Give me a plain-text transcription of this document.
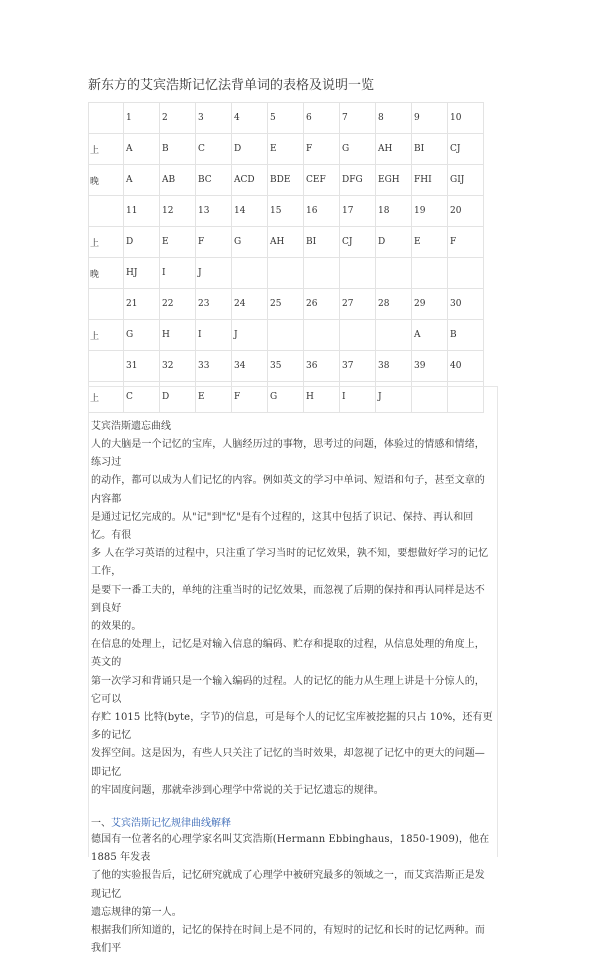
新东方的艾宾浩斯记忆法背单词的表格及说明一览
	1	2	3	4	5	6	7	8	9	10
上	A	B	C	D	E	F	G	AH	BI	CJ
晚	A	AB	BC	ACD	BDE	CEF	DFG	EGH	FHI	GIJ
	11	12	13	14	15	16	17	18	19	20
上	D	E	F	G	AH	BI	CJ	D	E	F
晚	HJ	I	J							
	21	22	23	24	25	26	27	28	29	30
上	G	H	I	J					A	B
	31	32	33	34	35	36	37	38	39	40
上	C	D	E	F	G	H	I	J		
艾宾浩斯遗忘曲线
人的大脑是一个记忆的宝库，人脑经历过的事物，思考过的问题，体验过的情感和情绪，练习过
的动作，都可以成为人们记忆的内容。例如英文的学习中单词、短语和句子，甚至文章的内容都
是通过记忆完成的。从"记"到"忆"是有个过程的，这其中包括了识记、保持、再认和回忆。有很
多 人在学习英语的过程中，只注重了学习当时的记忆效果，孰不知，要想做好学习的记忆工作，
是要下一番工夫的，单纯的注重当时的记忆效果，而忽视了后期的保持和再认同样是达不到良好
的效果的。
在信息的处理上，记忆是对输入信息的编码、贮存和提取的过程，从信息处理的角度上，英文的
第一次学习和背诵只是一个输入编码的过程。人的记忆的能力从生理上讲是十分惊人的，它可以
存贮 1015 比特(byte，字节)的信息，可是每个人的记忆宝库被挖掘的只占 10%，还有更多的记忆
发挥空间。这是因为，有些人只关注了记忆的当时效果，却忽视了记忆中的更大的问题—即记忆
的牢固度问题，那就牵涉到心理学中常说的关于记忆遗忘的规律。
一、艾宾浩斯记忆规律曲线解释
德国有一位著名的心理学家名叫艾宾浩斯(Hermann Ebbinghaus，1850-1909)，他在 1885 年发表
了他的实验报告后，记忆研究就成了心理学中被研究最多的领域之一，而艾宾浩斯正是发现记忆
遗忘规律的第一人。
根据我们所知道的，记忆的保持在时间上是不同的，有短时的记忆和长时的记忆两种。而我们平
